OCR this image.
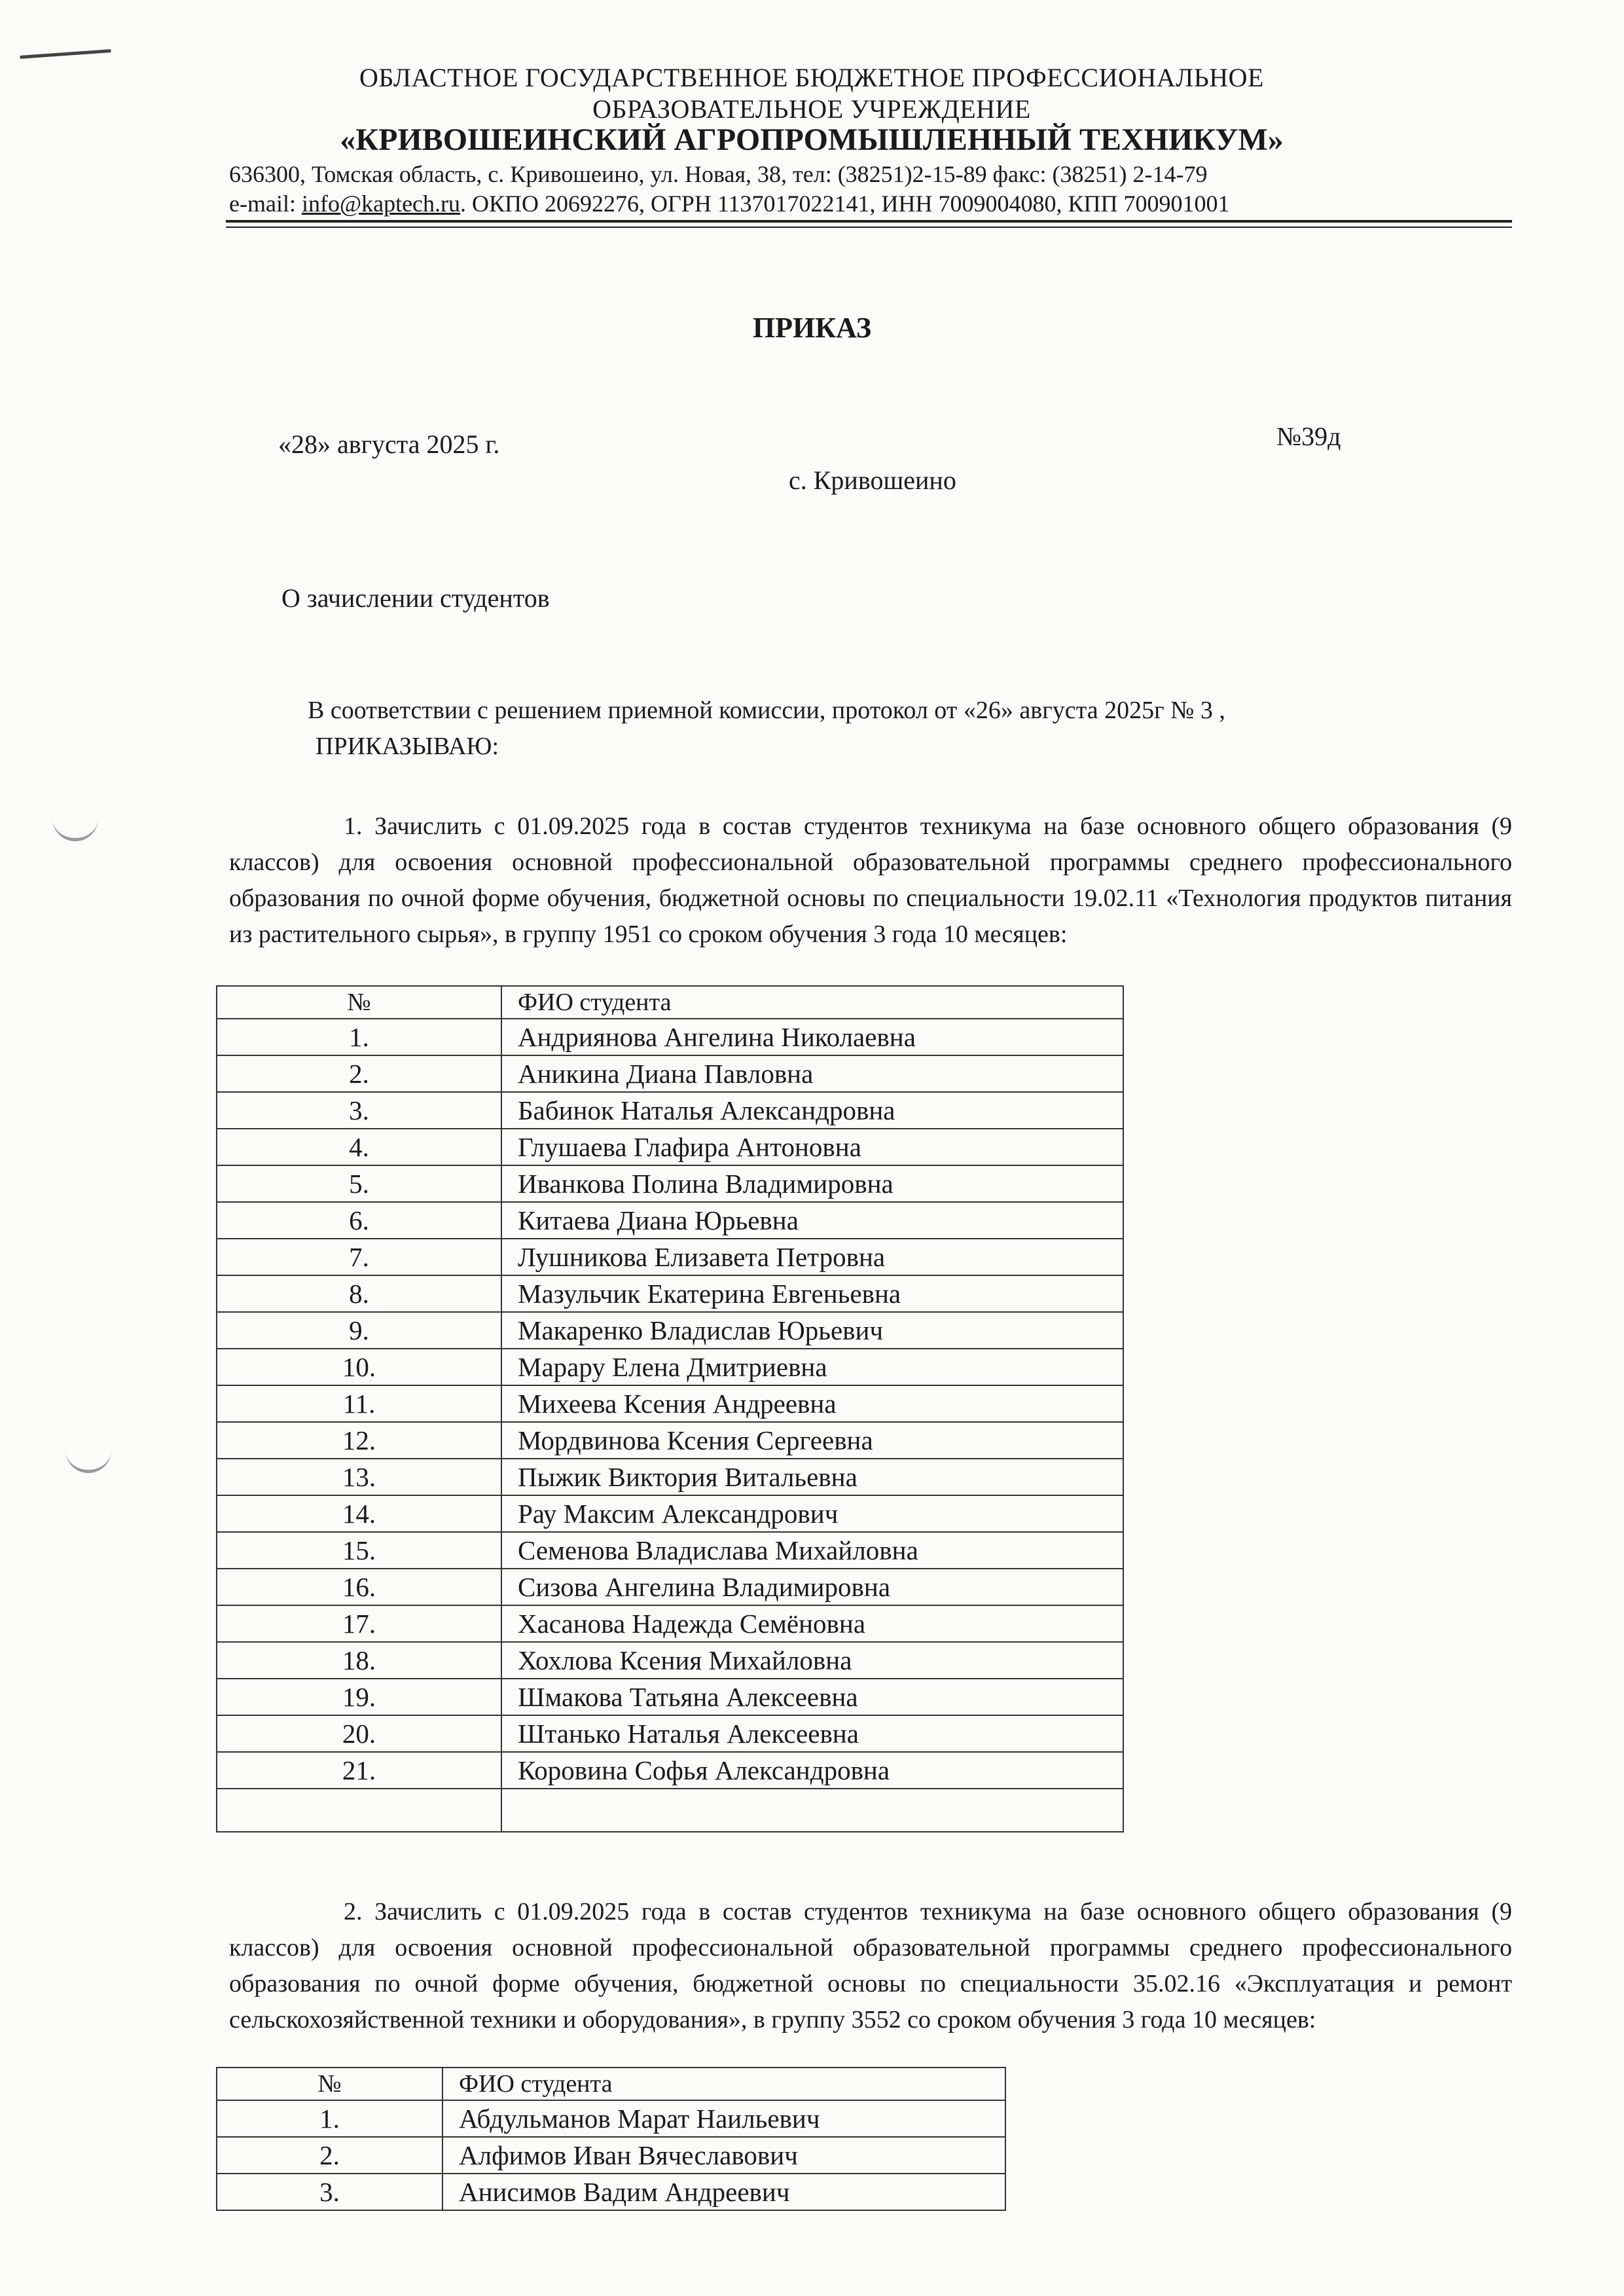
ОБЛАСТНОЕ ГОСУДАРСТВЕННОЕ БЮДЖЕТНОЕ ПРОФЕССИОНАЛЬНОЕ
ОБРАЗОВАТЕЛЬНОЕ УЧРЕЖДЕНИЕ
«КРИВОШЕИНСКИЙ АГРОПРОМЫШЛЕННЫЙ ТЕХНИКУМ»
636300, Томская область, с. Кривошеино, ул. Новая, 38, тел: (38251)2-15-89 факс: (38251) 2-14-79
e-mail: info@kaptech.ru. ОКПО 20692276, ОГРН 1137017022141, ИНН 7009004080, КПП 700901001
ПРИКАЗ
«28» августа 2025 г.	№39д
с. Кривошеино
О зачислении студентов
В соответствии с решением приемной комиссии, протокол от «26» августа 2025г № 3 ,
ПРИКАЗЫВАЮ:

1. Зачислить с 01.09.2025 года в состав студентов техникума на базе основного общего образования (9 классов) для освоения основной профессиональной образовательной программы среднего профессионального образования по очной форме обучения, бюджетной основы по специальности 19.02.11 «Технология продуктов питания из растительного сырья», в группу 1951 со сроком обучения 3 года 10 месяцев:

№	ФИО студента
1.	Андриянова Ангелина Николаевна
2.	Аникина Диана Павловна
3.	Бабинок Наталья Александровна
4.	Глушаева Глафира Антоновна
5.	Иванкова Полина Владимировна
6.	Китаева Диана Юрьевна
7.	Лушникова Елизавета Петровна
8.	Мазульчик Екатерина Евгеньевна
9.	Макаренко Владислав Юрьевич
10.	Марару Елена Дмитриевна
11.	Михеева Ксения Андреевна
12.	Мордвинова Ксения Сергеевна
13.	Пыжик Виктория Витальевна
14.	Рау Максим Александрович
15.	Семенова Владислава Михайловна
16.	Сизова Ангелина Владимировна
17.	Хасанова Надежда Семёновна
18.	Хохлова Ксения Михайловна
19.	Шмакова Татьяна Алексеевна
20.	Штанько Наталья Алексеевна
21.	Коровина Софья Александровна

2. Зачислить с 01.09.2025 года в состав студентов техникума на базе основного общего образования (9 классов) для освоения основной профессиональной образовательной программы среднего профессионального образования по очной форме обучения, бюджетной основы по специальности 35.02.16 «Эксплуатация и ремонт сельскохозяйственной техники и оборудования», в группу 3552 со сроком обучения 3 года 10 месяцев:

№	ФИО студента
1.	Абдульманов Марат Наильевич
2.	Алфимов Иван Вячеславович
3.	Анисимов Вадим Андреевич
